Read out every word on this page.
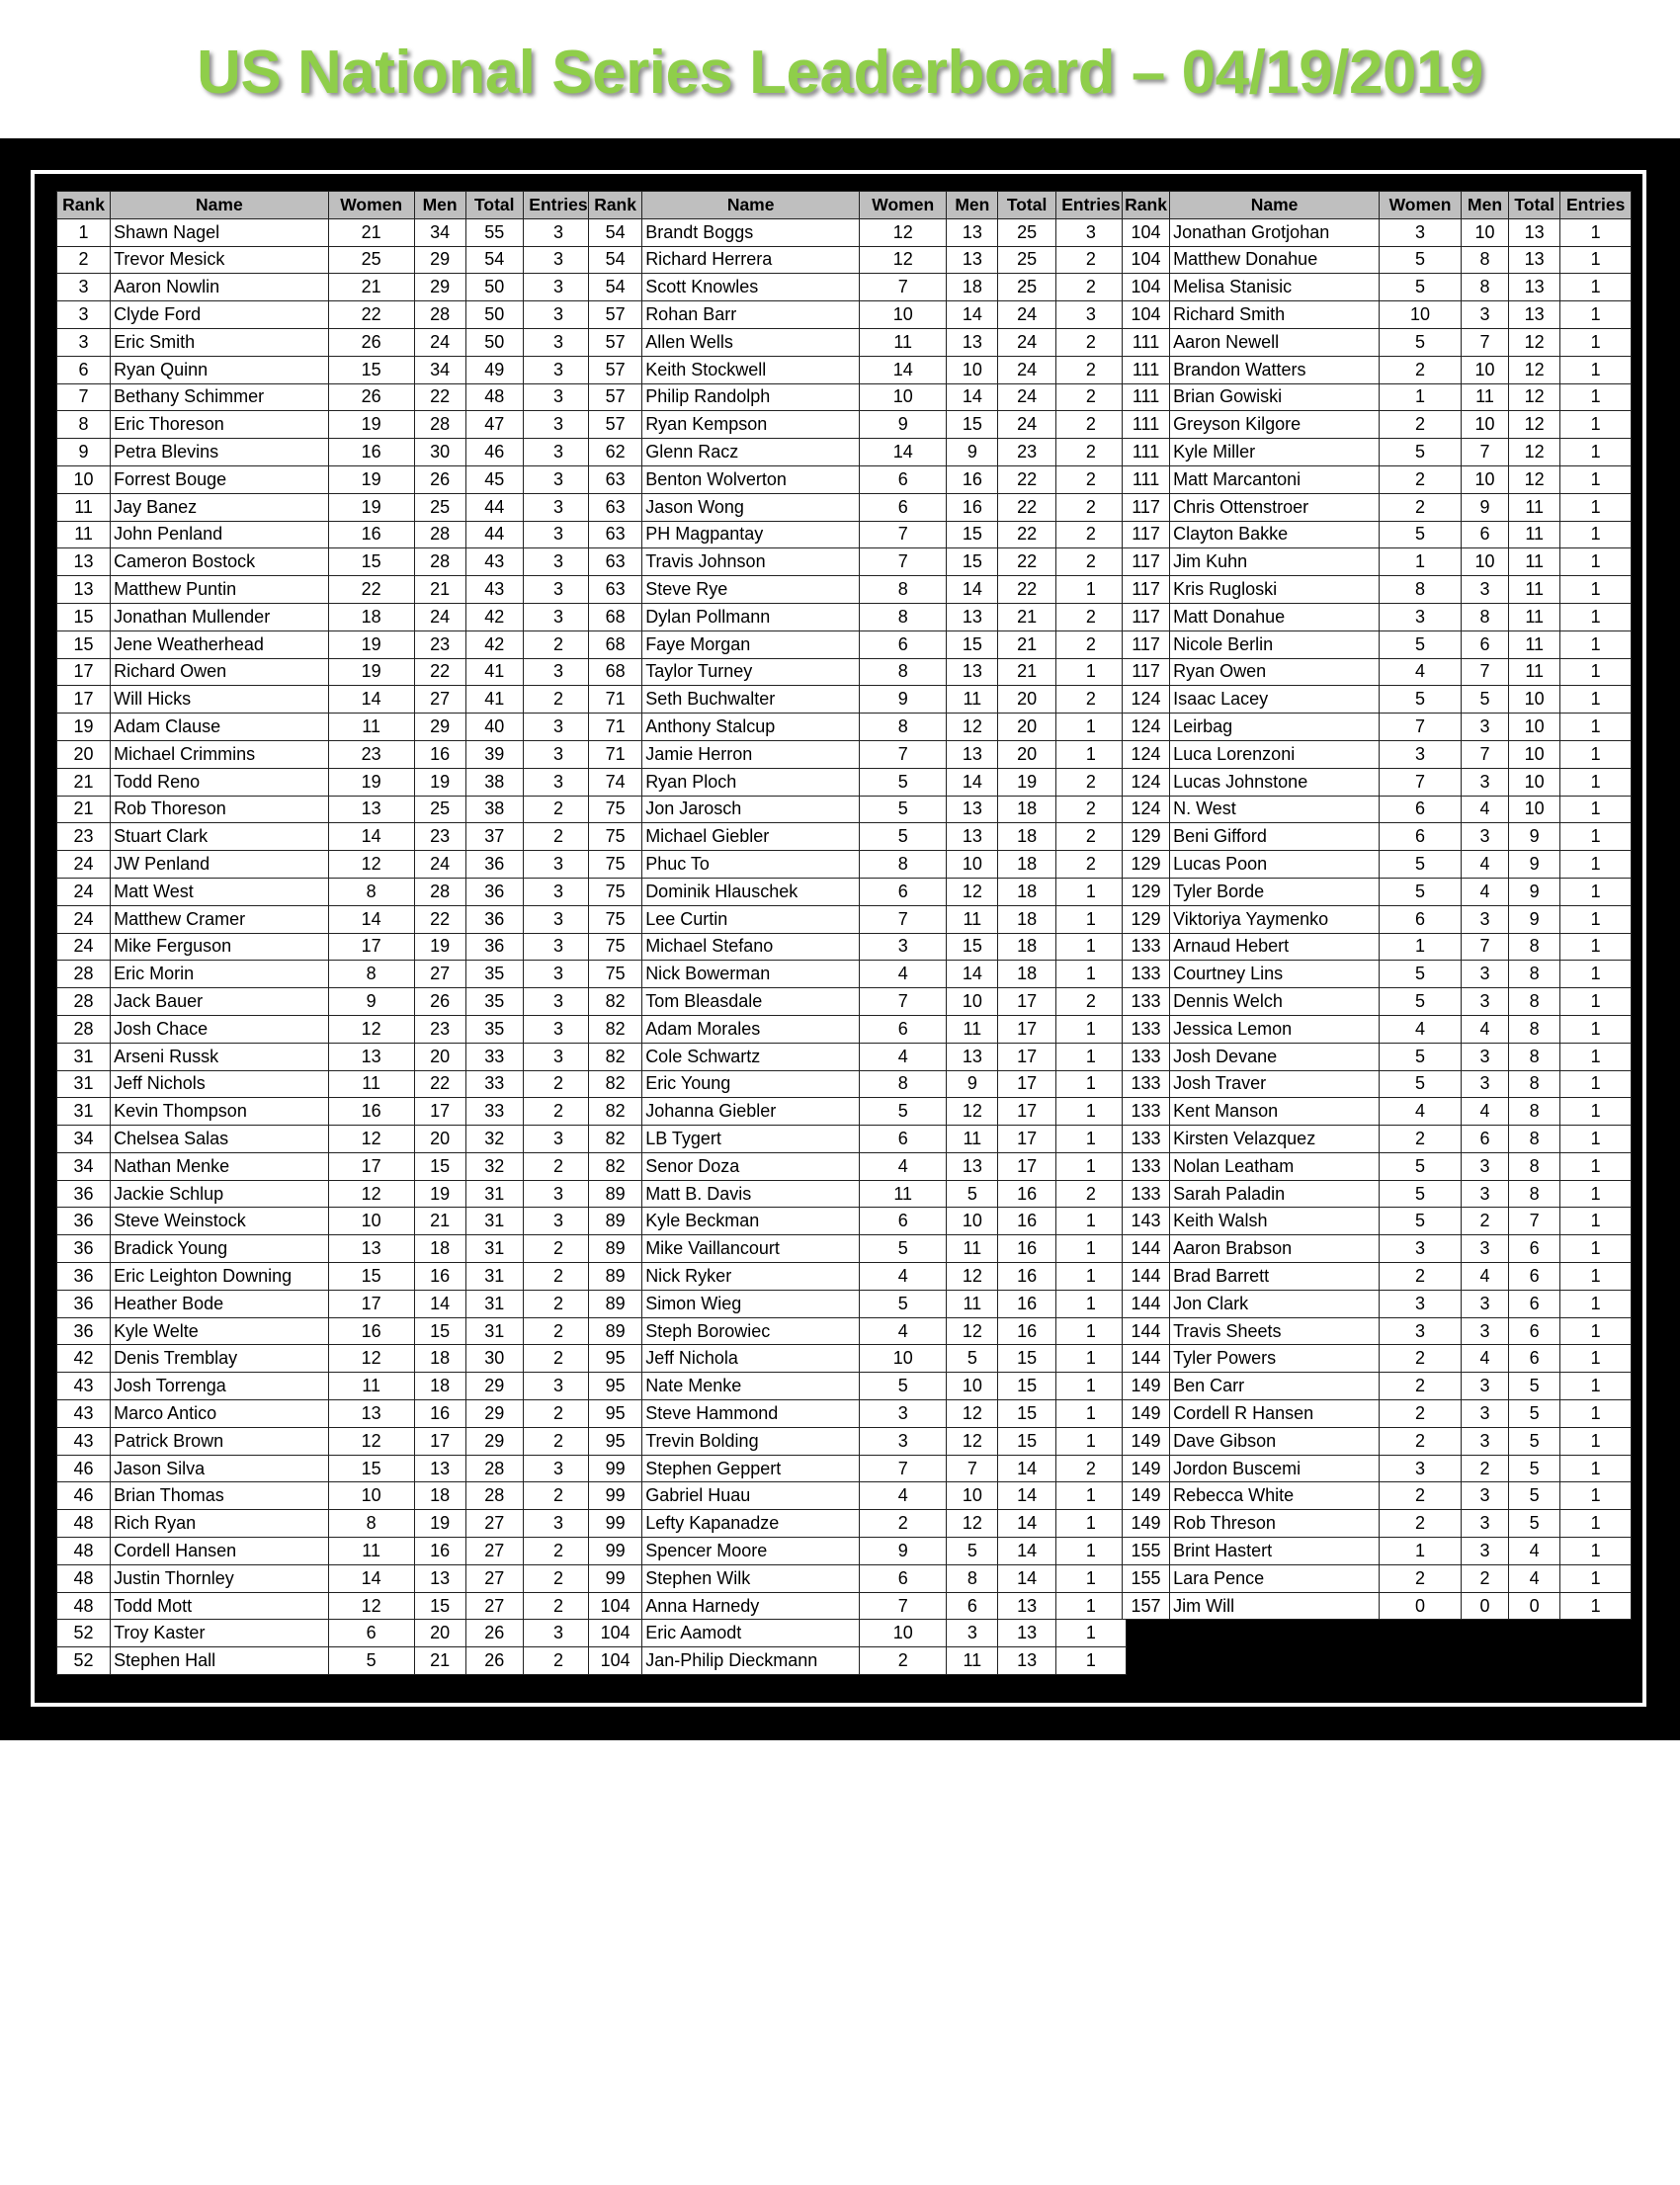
US National Series Leaderboard – 04/19/2019
Rank	Name	Women	Men	Total	Entries
1	Shawn Nagel	21	34	55	3
2	Trevor Mesick	25	29	54	3
3	Aaron Nowlin	21	29	50	3
3	Clyde Ford	22	28	50	3
3	Eric Smith	26	24	50	3
6	Ryan Quinn	15	34	49	3
7	Bethany Schimmer	26	22	48	3
8	Eric Thoreson	19	28	47	3
9	Petra Blevins	16	30	46	3
10	Forrest Bouge	19	26	45	3
11	Jay Banez	19	25	44	3
11	John Penland	16	28	44	3
13	Cameron Bostock	15	28	43	3
13	Matthew Puntin	22	21	43	3
15	Jonathan Mullender	18	24	42	3
15	Jene Weatherhead	19	23	42	2
17	Richard Owen	19	22	41	3
17	Will Hicks	14	27	41	2
19	Adam Clause	11	29	40	3
20	Michael Crimmins	23	16	39	3
21	Todd Reno	19	19	38	3
21	Rob Thoreson	13	25	38	2
23	Stuart Clark	14	23	37	2
24	JW Penland	12	24	36	3
24	Matt West	8	28	36	3
24	Matthew Cramer	14	22	36	3
24	Mike Ferguson	17	19	36	3
28	Eric Morin	8	27	35	3
28	Jack Bauer	9	26	35	3
28	Josh Chace	12	23	35	3
31	Arseni Russk	13	20	33	3
31	Jeff Nichols	11	22	33	2
31	Kevin Thompson	16	17	33	2
34	Chelsea Salas	12	20	32	3
34	Nathan Menke	17	15	32	2
36	Jackie Schlup	12	19	31	3
36	Steve Weinstock	10	21	31	3
36	Bradick Young	13	18	31	2
36	Eric Leighton Downing	15	16	31	2
36	Heather Bode	17	14	31	2
36	Kyle Welte	16	15	31	2
42	Denis Tremblay	12	18	30	2
43	Josh Torrenga	11	18	29	3
43	Marco Antico	13	16	29	2
43	Patrick Brown	12	17	29	2
46	Jason Silva	15	13	28	3
46	Brian Thomas	10	18	28	2
48	Rich Ryan	8	19	27	3
48	Cordell Hansen	11	16	27	2
48	Justin Thornley	14	13	27	2
48	Todd Mott	12	15	27	2
52	Troy Kaster	6	20	26	3
52	Stephen Hall	5	21	26	2
Rank	Name	Women	Men	Total	Entries
54	Brandt Boggs	12	13	25	3
54	Richard Herrera	12	13	25	2
54	Scott Knowles	7	18	25	2
57	Rohan Barr	10	14	24	3
57	Allen Wells	11	13	24	2
57	Keith Stockwell	14	10	24	2
57	Philip Randolph	10	14	24	2
57	Ryan Kempson	9	15	24	2
62	Glenn Racz	14	9	23	2
63	Benton Wolverton	6	16	22	2
63	Jason Wong	6	16	22	2
63	PH Magpantay	7	15	22	2
63	Travis Johnson	7	15	22	2
63	Steve Rye	8	14	22	1
68	Dylan Pollmann	8	13	21	2
68	Faye Morgan	6	15	21	2
68	Taylor Turney	8	13	21	1
71	Seth Buchwalter	9	11	20	2
71	Anthony Stalcup	8	12	20	1
71	Jamie Herron	7	13	20	1
74	Ryan Ploch	5	14	19	2
75	Jon Jarosch	5	13	18	2
75	Michael Giebler	5	13	18	2
75	Phuc To	8	10	18	2
75	Dominik Hlauschek	6	12	18	1
75	Lee Curtin	7	11	18	1
75	Michael Stefano	3	15	18	1
75	Nick Bowerman	4	14	18	1
82	Tom Bleasdale	7	10	17	2
82	Adam Morales	6	11	17	1
82	Cole Schwartz	4	13	17	1
82	Eric Young	8	9	17	1
82	Johanna Giebler	5	12	17	1
82	LB Tygert	6	11	17	1
82	Senor Doza	4	13	17	1
89	Matt B. Davis	11	5	16	2
89	Kyle Beckman	6	10	16	1
89	Mike Vaillancourt	5	11	16	1
89	Nick Ryker	4	12	16	1
89	Simon Wieg	5	11	16	1
89	Steph Borowiec	4	12	16	1
95	Jeff Nichola	10	5	15	1
95	Nate Menke	5	10	15	1
95	Steve Hammond	3	12	15	1
95	Trevin Bolding	3	12	15	1
99	Stephen Geppert	7	7	14	2
99	Gabriel Huau	4	10	14	1
99	Lefty Kapanadze	2	12	14	1
99	Spencer Moore	9	5	14	1
99	Stephen Wilk	6	8	14	1
104	Anna Harnedy	7	6	13	1
104	Eric Aamodt	10	3	13	1
104	Jan-Philip Dieckmann	2	11	13	1
Rank	Name	Women	Men	Total	Entries
104	Jonathan Grotjohan	3	10	13	1
104	Matthew Donahue	5	8	13	1
104	Melisa Stanisic	5	8	13	1
104	Richard Smith	10	3	13	1
111	Aaron Newell	5	7	12	1
111	Brandon Watters	2	10	12	1
111	Brian Gowiski	1	11	12	1
111	Greyson Kilgore	2	10	12	1
111	Kyle Miller	5	7	12	1
111	Matt Marcantoni	2	10	12	1
117	Chris Ottenstroer	2	9	11	1
117	Clayton Bakke	5	6	11	1
117	Jim Kuhn	1	10	11	1
117	Kris Rugloski	8	3	11	1
117	Matt Donahue	3	8	11	1
117	Nicole Berlin	5	6	11	1
117	Ryan Owen	4	7	11	1
124	Isaac Lacey	5	5	10	1
124	Leirbag	7	3	10	1
124	Luca Lorenzoni	3	7	10	1
124	Lucas Johnstone	7	3	10	1
124	N. West	6	4	10	1
129	Beni Gifford	6	3	9	1
129	Lucas Poon	5	4	9	1
129	Tyler Borde	5	4	9	1
129	Viktoriya Yaymenko	6	3	9	1
133	Arnaud Hebert	1	7	8	1
133	Courtney Lins	5	3	8	1
133	Dennis Welch	5	3	8	1
133	Jessica Lemon	4	4	8	1
133	Josh Devane	5	3	8	1
133	Josh Traver	5	3	8	1
133	Kent Manson	4	4	8	1
133	Kirsten Velazquez	2	6	8	1
133	Nolan Leatham	5	3	8	1
133	Sarah Paladin	5	3	8	1
143	Keith Walsh	5	2	7	1
144	Aaron Brabson	3	3	6	1
144	Brad Barrett	2	4	6	1
144	Jon Clark	3	3	6	1
144	Travis Sheets	3	3	6	1
144	Tyler Powers	2	4	6	1
149	Ben Carr	2	3	5	1
149	Cordell R Hansen	2	3	5	1
149	Dave Gibson	2	3	5	1
149	Jordon Buscemi	3	2	5	1
149	Rebecca White	2	3	5	1
149	Rob Threson	2	3	5	1
155	Brint Hastert	1	3	4	1
155	Lara Pence	2	2	4	1
157	Jim Will	0	0	0	1
